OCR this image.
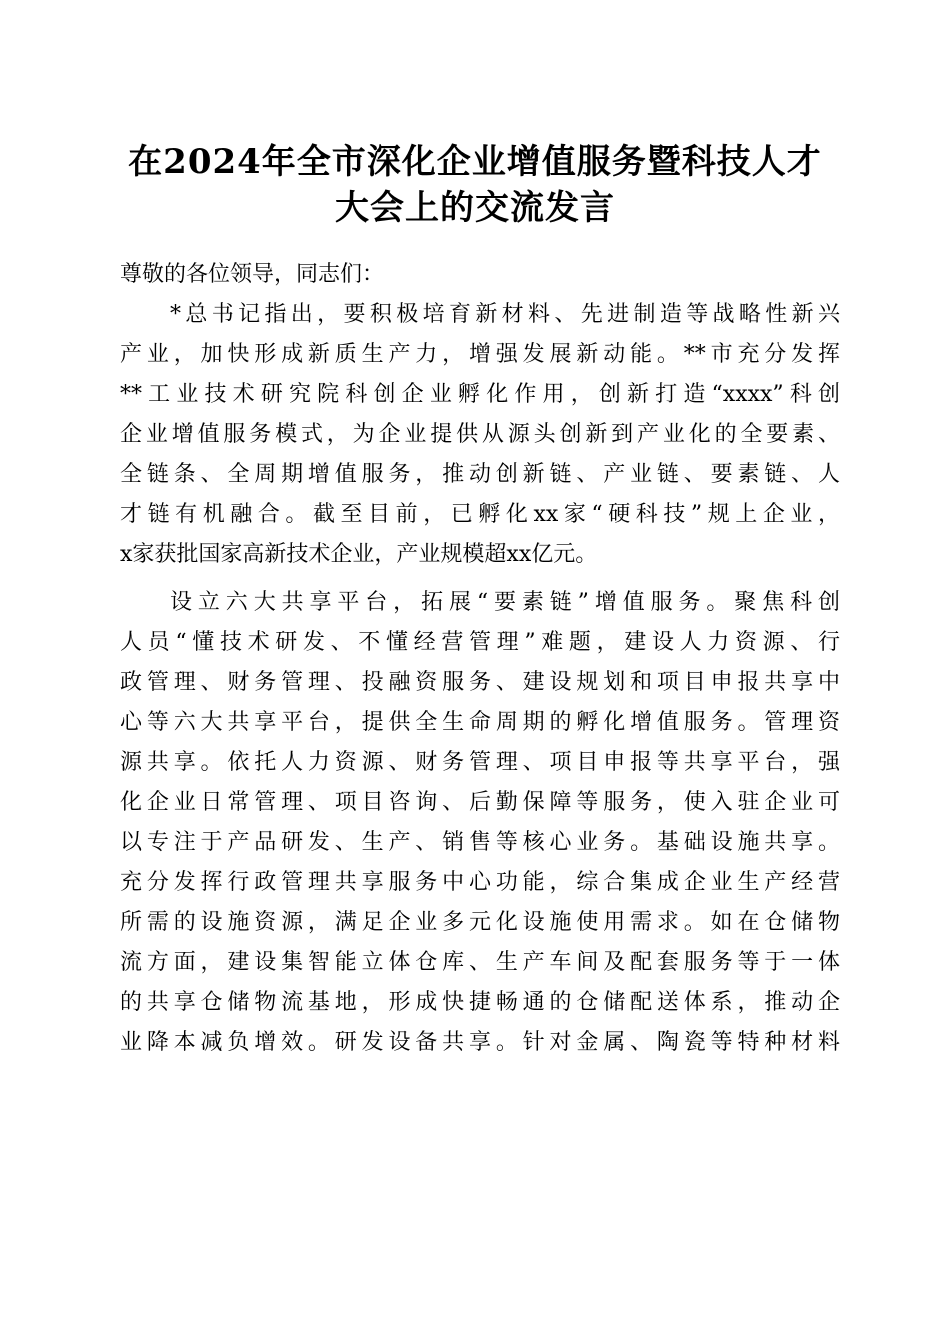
在2024年全市深化企业增值服务暨科技人才
大会上的交流发言
尊敬的各位领导，同志们：
*总书记指出，要积极培育新材料、先进制造等战略性新兴
产业，加快形成新质生产力，增强发展新动能。**市充分发挥
**工业技术研究院科创企业孵化作用，创新打造“xxxx”科创
企业增值服务模式，为企业提供从源头创新到产业化的全要素、
全链条、全周期增值服务，推动创新链、产业链、要素链、人
才链有机融合。截至目前，已孵化xx家“硬科技”规上企业，
x家获批国家高新技术企业，产业规模超xx亿元。
设立六大共享平台，拓展“要素链”增值服务。聚焦科创
人员“懂技术研发、不懂经营管理”难题，建设人力资源、行
政管理、财务管理、投融资服务、建设规划和项目申报共享中
心等六大共享平台，提供全生命周期的孵化增值服务。管理资
源共享。依托人力资源、财务管理、项目申报等共享平台，强
化企业日常管理、项目咨询、后勤保障等服务，使入驻企业可
以专注于产品研发、生产、销售等核心业务。基础设施共享。
充分发挥行政管理共享服务中心功能，综合集成企业生产经营
所需的设施资源，满足企业多元化设施使用需求。如在仓储物
流方面，建设集智能立体仓库、生产车间及配套服务等于一体
的共享仓储物流基地，形成快捷畅通的仓储配送体系，推动企
业降本减负增效。研发设备共享。针对金属、陶瓷等特种材料
